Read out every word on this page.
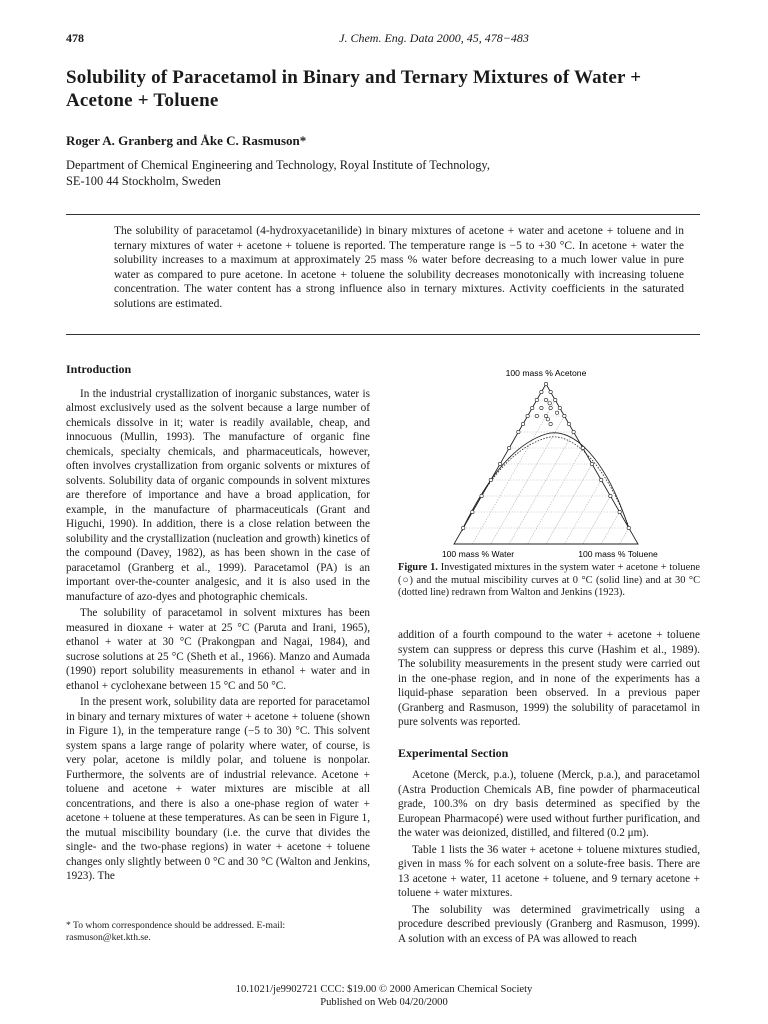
478	J. Chem. Eng. Data 2000, 45, 478−483
Solubility of Paracetamol in Binary and Ternary Mixtures of Water + Acetone + Toluene
Roger A. Granberg and Åke C. Rasmuson*
Department of Chemical Engineering and Technology, Royal Institute of Technology,
SE-100 44 Stockholm, Sweden
The solubility of paracetamol (4-hydroxyacetanilide) in binary mixtures of acetone + water and acetone + toluene and in ternary mixtures of water + acetone + toluene is reported. The temperature range is −5 to +30 °C. In acetone + water the solubility increases to a maximum at approximately 25 mass % water before decreasing to a much lower value in pure water as compared to pure acetone. In acetone + toluene the solubility decreases monotonically with increasing toluene concentration. The water content has a strong influence also in ternary mixtures. Activity coefficients in the saturated solutions are estimated.
Introduction

In the industrial crystallization of inorganic substances, water is almost exclusively used as the solvent because a large number of chemicals dissolve in it; water is readily available, cheap, and innocuous (Mullin, 1993). The manufacture of organic fine chemicals, specialty chemicals, and pharmaceuticals, however, often involves crystallization from organic solvents or mixtures of solvents. Solubility data of organic compounds in solvent mixtures are therefore of importance and have a broad application, for example, in the manufacture of pharmaceuticals (Grant and Higuchi, 1990). In addition, there is a close relation between the solubility and the crystallization (nucleation and growth) kinetics of the compound (Davey, 1982), as has been shown in the case of paracetamol (Granberg et al., 1999). Paracetamol (PA) is an important over-the-counter analgesic, and it is also used in the manufacture of azo-dyes and photographic chemicals.

The solubility of paracetamol in solvent mixtures has been measured in dioxane + water at 25 °C (Paruta and Irani, 1965), ethanol + water at 30 °C (Prakongpan and Nagai, 1984), and sucrose solutions at 25 °C (Sheth et al., 1966). Manzo and Aumada (1990) report solubility measurements in ethanol + water and in ethanol + cyclohexane between 15 °C and 50 °C.

In the present work, solubility data are reported for paracetamol in binary and ternary mixtures of water + acetone + toluene (shown in Figure 1), in the temperature range (−5 to 30) °C. This solvent system spans a large range of polarity where water, of course, is very polar, acetone is mildly polar, and toluene is nonpolar. Furthermore, the solvents are of industrial relevance. Acetone + toluene and acetone + water mixtures are miscible at all concentrations, and there is also a one-phase region of water + acetone + toluene at these temperatures. As can be seen in Figure 1, the mutual miscibility boundary (i.e. the curve that divides the single- and the two-phase regions) in water + acetone + toluene changes only slightly between 0 °C and 30 °C (Walton and Jenkins, 1923). The

* To whom correspondence should be addressed. E-mail: rasmuson@ket.kth.se.
100 mass % Acetone
100 mass % Water	100 mass % Toluene
Figure 1. Investigated mixtures in the system water + acetone + toluene (○) and the mutual miscibility curves at 0 °C (solid line) and at 30 °C (dotted line) redrawn from Walton and Jenkins (1923).

addition of a fourth compound to the water + acetone + toluene system can suppress or depress this curve (Hashim et al., 1989). The solubility measurements in the present study were carried out in the one-phase region, and in none of the experiments has a liquid-phase separation been observed. In a previous paper (Granberg and Rasmuson, 1999) the solubility of paracetamol in pure solvents was reported.

Experimental Section

Acetone (Merck, p.a.), toluene (Merck, p.a.), and paracetamol (Astra Production Chemicals AB, fine powder of pharmaceutical grade, 100.3% on dry basis determined as specified by the European Pharmacopé) were used without further purification, and the water was deionized, distilled, and filtered (0.2 μm).

Table 1 lists the 36 water + acetone + toluene mixtures studied, given in mass % for each solvent on a solute-free basis. There are 13 acetone + water, 11 acetone + toluene, and 9 ternary acetone + toluene + water mixtures.

The solubility was determined gravimetrically using a procedure described previously (Granberg and Rasmuson, 1999). A solution with an excess of PA was allowed to reach

10.1021/je9902721 CCC: $19.00 © 2000 American Chemical Society
Published on Web 04/20/2000
